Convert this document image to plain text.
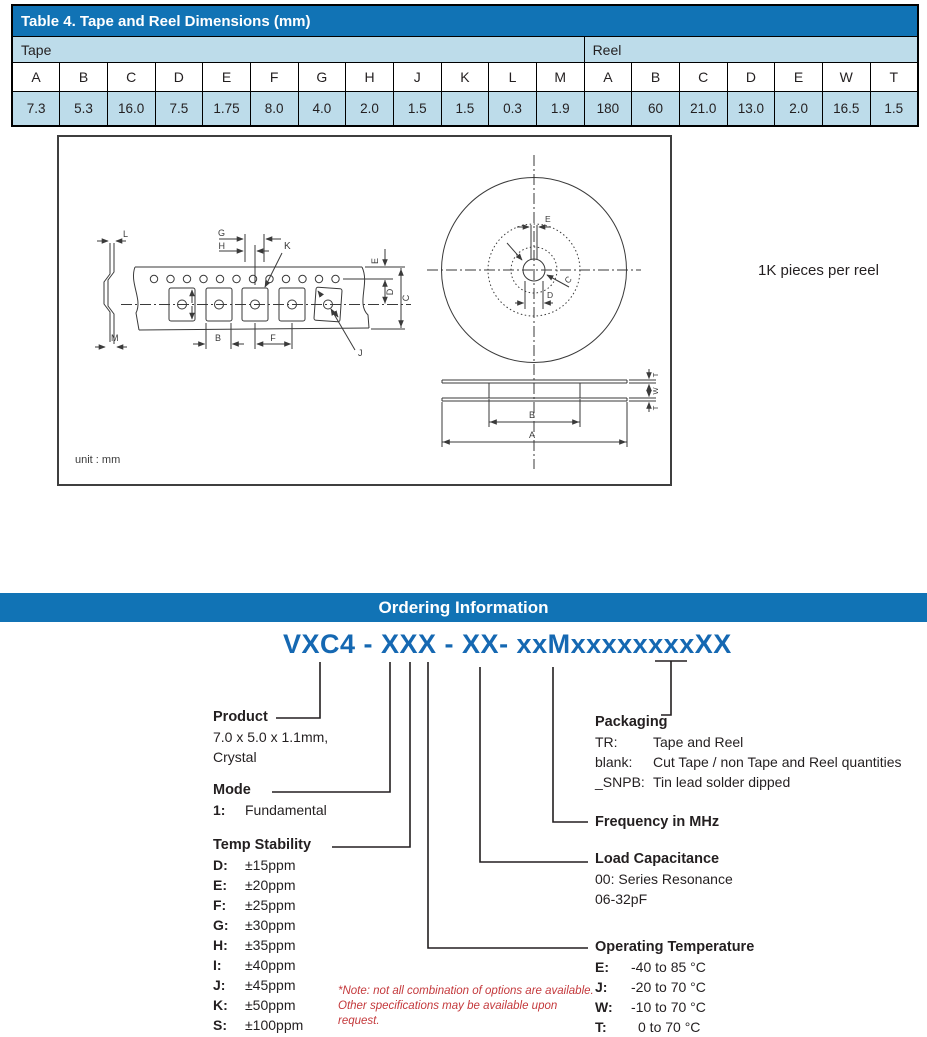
Table 4. Tape and Reel Dimensions (mm)																		
Tape												Reel						
A	B	C	D	E	F	G	H	J	K	L	M	A	B	C	D	E	W	T
7.3	5.3	16.0	7.5	1.75	8.0	4.0	2.0	1.5	1.5	0.3	1.9	180	60	21.0	13.0	2.0	16.5	1.5
L
M
G
H	K
E
D
C
B	F
J
E
C
D
B
A
T
W
T
unit : mm
1K pieces per reel
Ordering Information
VXC4 - XXX - XX- xxMxxxxxxxxXX
Product
7.0 x 5.0 x 1.1mm,
Crystal
Mode
1:	Fundamental
Temp Stability
D:	±15ppm
E:	±20ppm
F:	±25ppm
G:	±30ppm
H:	±35ppm
I:	±40ppm
J:	±45ppm
K:	±50ppm
S:	±100ppm
Packaging
TR:	Tape and Reel
blank:	Cut Tape / non Tape and Reel quantities
_SNPB: Tin lead solder dipped
Frequency in MHz
Load Capacitance
00: Series Resonance
06-32pF
Operating Temperature
E:	-40 to 85 °C
J:	-20 to 70 °C
W:	-10 to 70 °C
T:	0 to 70 °C
*Note: not all combination of options are available.
Other specifications may be available upon request.
